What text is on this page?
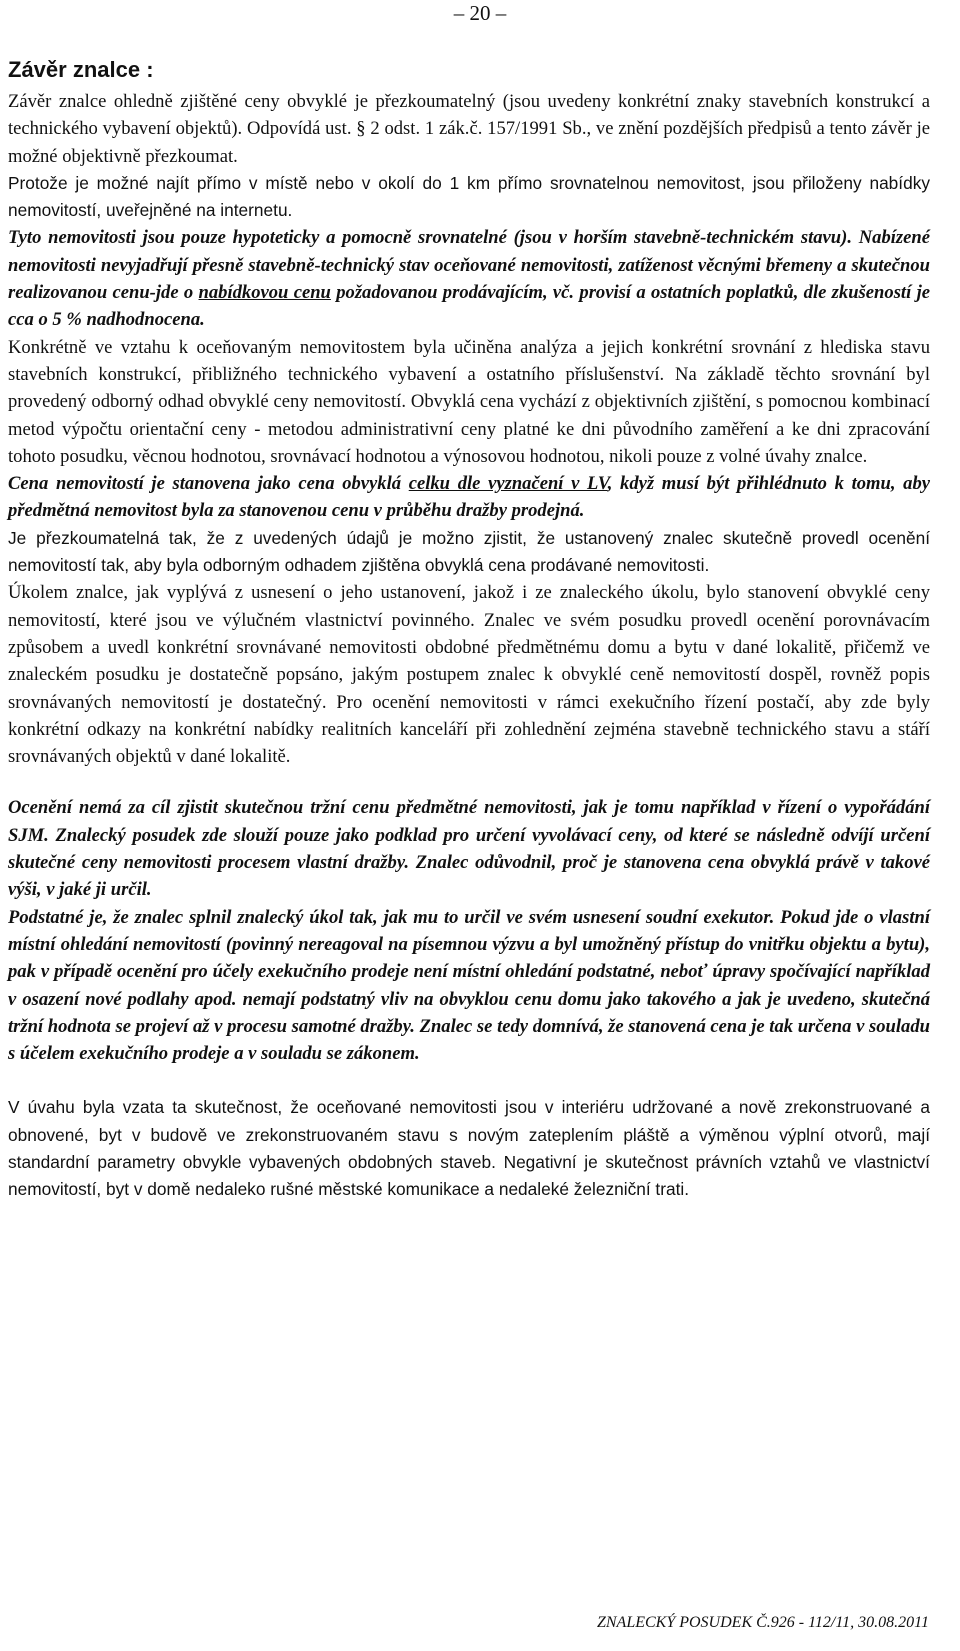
– 20 –
Závěr znalce :

Závěr znalce ohledně zjištěné ceny obvyklé je přezkoumatelný (jsou uvedeny konkrétní znaky stavebních konstrukcí a technického vybavení objektů). Odpovídá ust. § 2 odst. 1 zák.č. 157/1991 Sb., ve znění pozdějších předpisů a tento závěr je možné objektivně přezkoumat.

Protože je možné najít přímo v místě nebo v okolí do 1 km přímo srovnatelnou nemovitost, jsou přiloženy nabídky nemovitostí, uveřejněné na internetu.

Tyto nemovitosti jsou pouze hypoteticky a pomocně srovnatelné (jsou v horším stavebně-technickém stavu). Nabízené nemovitosti nevyjadřují přesně stavebně-technický stav oceňované nemovitosti, zatíženost věcnými břemeny a skutečnou realizovanou cenu-jde o nabídkovou cenu požadovanou prodávajícím, vč. provisí a ostatních poplatků, dle zkušeností je cca o 5 % nadhodnocena.

Konkrétně ve vztahu k oceňovaným nemovitostem byla učiněna analýza a jejich konkrétní srovnání z hlediska stavu stavebních konstrukcí, přibližného technického vybavení a ostatního příslušenství. Na základě těchto srovnání byl provedený odborný odhad obvyklé ceny nemovitostí. Obvyklá cena vychází z objektivních zjištění, s pomocnou kombinací metod výpočtu orientační ceny - metodou administrativní ceny platné ke dni původního zaměření a ke dni zpracování tohoto posudku, věcnou hodnotou, srovnávací hodnotou a výnosovou hodnotou, nikoli pouze z volné úvahy znalce.

Cena nemovitostí je stanovena jako cena obvyklá celku dle vyznačení v LV, když musí být přihlédnuto k tomu, aby předmětná nemovitost byla za stanovenou cenu v průběhu dražby prodejná.

Je přezkoumatelná tak, že z uvedených údajů je možno zjistit, že ustanovený znalec skutečně provedl ocenění nemovitostí tak, aby byla odborným odhadem zjištěna obvyklá cena prodávané nemovitosti.

Úkolem znalce, jak vyplývá z usnesení o jeho ustanovení, jakož i ze znaleckého úkolu, bylo stanovení obvyklé ceny nemovitostí, které jsou ve výlučném vlastnictví povinného. Znalec ve svém posudku provedl ocenění porovnávacím způsobem a uvedl konkrétní srovnávané nemovitosti obdobné předmětnému domu a bytu v dané lokalitě, přičemž ve znaleckém posudku je dostatečně popsáno, jakým postupem znalec k obvyklé ceně nemovitostí dospěl, rovněž popis srovnávaných nemovitostí je dostatečný. Pro ocenění nemovitosti v rámci exekučního řízení postačí, aby zde byly konkrétní odkazy na konkrétní nabídky realitních kanceláří při zohlednění zejména stavebně technického stavu a stáří srovnávaných objektů v dané lokalitě.

Ocenění nemá za cíl zjistit skutečnou tržní cenu předmětné nemovitosti, jak je tomu například v řízení o vypořádání SJM. Znalecký posudek zde slouží pouze jako podklad pro určení vyvolávací ceny, od které se následně odvíjí určení skutečné ceny nemovitosti procesem vlastní dražby. Znalec odůvodnil, proč je stanovena cena obvyklá právě v takové výši, v jaké ji určil.

Podstatné je, že znalec splnil znalecký úkol tak, jak mu to určil ve svém usnesení soudní exekutor. Pokud jde o vlastní místní ohledání nemovitostí (povinný nereagoval na písemnou výzvu a byl umožněný přístup do vnitřku objektu a bytu), pak v případě ocenění pro účely exekučního prodeje není místní ohledání podstatné, neboť úpravy spočívající například v osazení nové podlahy apod. nemají podstatný vliv na obvyklou cenu domu jako takového a jak je uvedeno, skutečná tržní hodnota se projeví až v procesu samotné dražby. Znalec se tedy domnívá, že stanovená cena je tak určena v souladu s účelem exekučního prodeje a v souladu se zákonem.

V úvahu byla vzata ta skutečnost, že oceňované nemovitosti jsou v interiéru udržované a nově zrekonstruované a obnovené, byt v budově ve zrekonstruovaném stavu s novým zateplením pláště a výměnou výplní otvorů, mají standardní parametry obvykle vybavených obdobných staveb. Negativní je skutečnost právních vztahů ve vlastnictví nemovitostí, byt v domě nedaleko rušné městské komunikace a nedaleké železniční trati.

ZNALECKÝ POSUDEK Č.926 - 112/11, 30.08.2011
